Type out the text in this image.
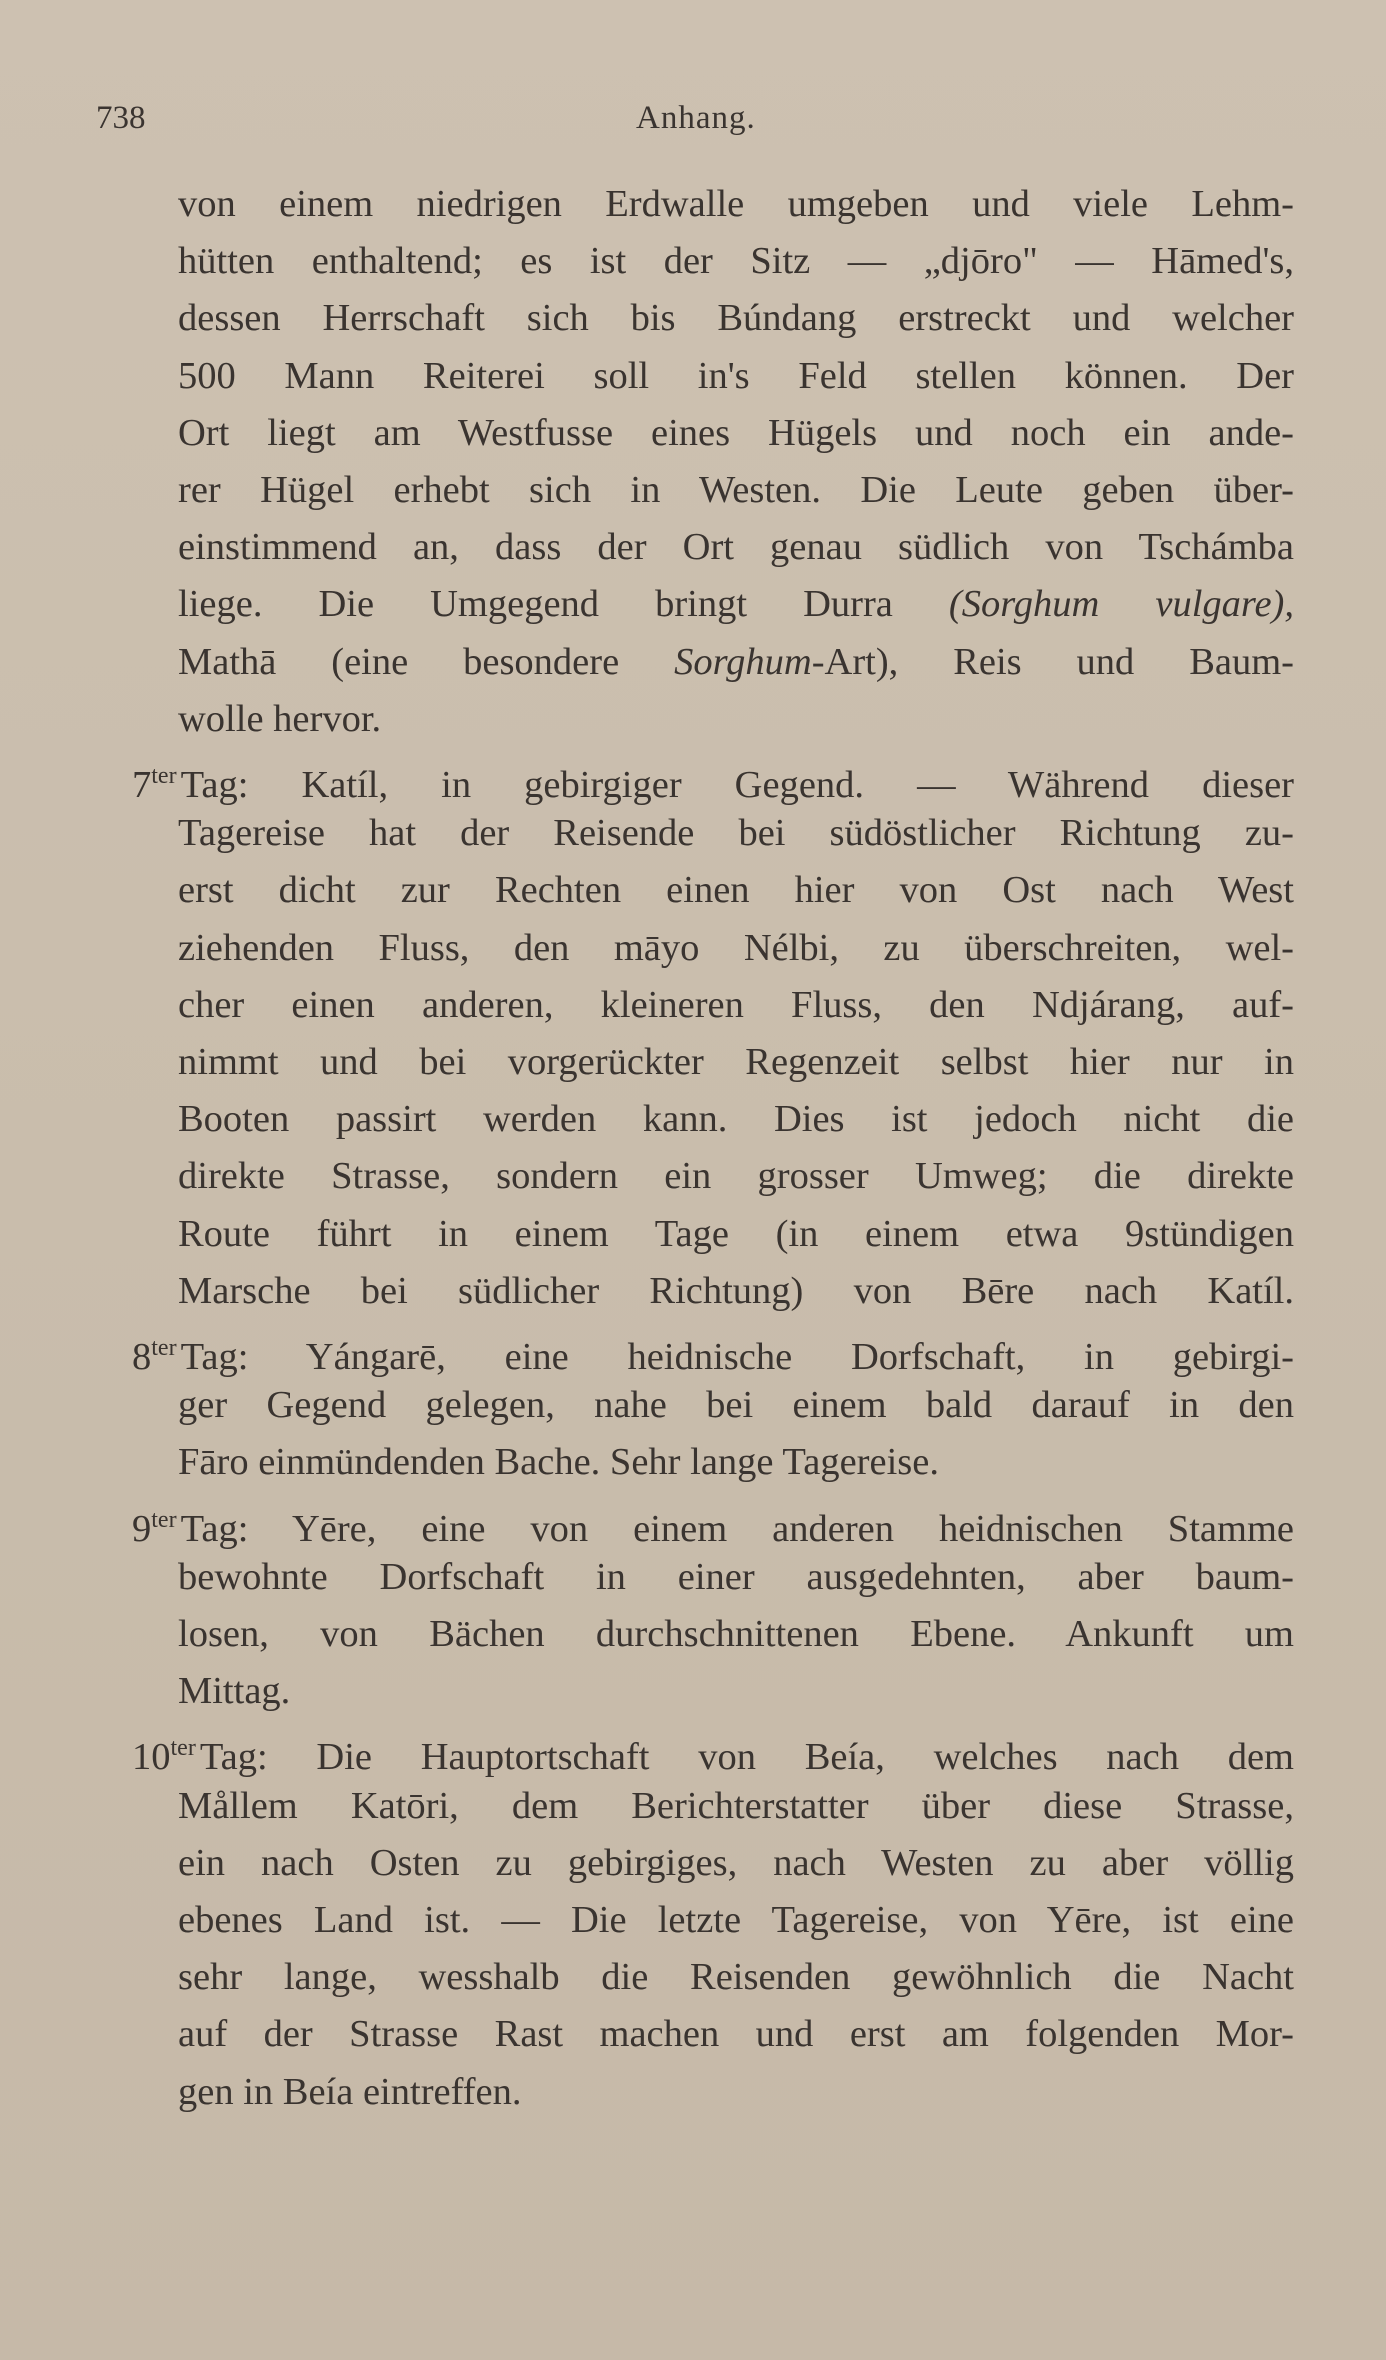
738	Anhang.
von einem niedrigen Erdwalle umgeben und viele Lehm-
hütten enthaltend; es ist der Sitz — „djōro" — Hāmed's,
dessen Herrschaft sich bis Búndang erstreckt und welcher
500 Mann Reiterei soll in's Feld stellen können. Der
Ort liegt am Westfusse eines Hügels und noch ein ande-
rer Hügel erhebt sich in Westen. Die Leute geben über-
einstimmend an, dass der Ort genau südlich von Tschámba
liege. Die Umgegend bringt Durra (Sorghum vulgare),
Mathā (eine besondere Sorghum-Art), Reis und Baum-
wolle hervor.
$7^{ter}$ Tag: Katíl, in gebirgiger Gegend. — Während dieser
Tagereise hat der Reisende bei südöstlicher Richtung zu-
erst dicht zur Rechten einen hier von Ost nach West
ziehenden Fluss, den māyo Nélbi, zu überschreiten, wel-
cher einen anderen, kleineren Fluss, den Ndjárang, auf-
nimmt und bei vorgerückter Regenzeit selbst hier nur in
Booten passirt werden kann. Dies ist jedoch nicht die
direkte Strasse, sondern ein grosser Umweg; die direkte
Route führt in einem Tage (in einem etwa 9stündigen
Marsche bei südlicher Richtung) von Bēre nach Katíl.
$8^{ter}$ Tag: Yángarē, eine heidnische Dorfschaft, in gebirgi-
ger Gegend gelegen, nahe bei einem bald darauf in den
Fāro einmündenden Bache. Sehr lange Tagereise.
$9^{ter}$ Tag: Yēre, eine von einem anderen heidnischen Stamme
bewohnte Dorfschaft in einer ausgedehnten, aber baum-
losen, von Bächen durchschnittenen Ebene. Ankunft um
Mittag.
$10^{ter}$ Tag: Die Hauptortschaft von Beía, welches nach dem
Mållem Katōri, dem Berichterstatter über diese Strasse,
ein nach Osten zu gebirgiges, nach Westen zu aber völlig
ebenes Land ist. — Die letzte Tagereise, von Yēre, ist eine
sehr lange, wesshalb die Reisenden gewöhnlich die Nacht
auf der Strasse Rast machen und erst am folgenden Mor-
gen in Beía eintreffen.
